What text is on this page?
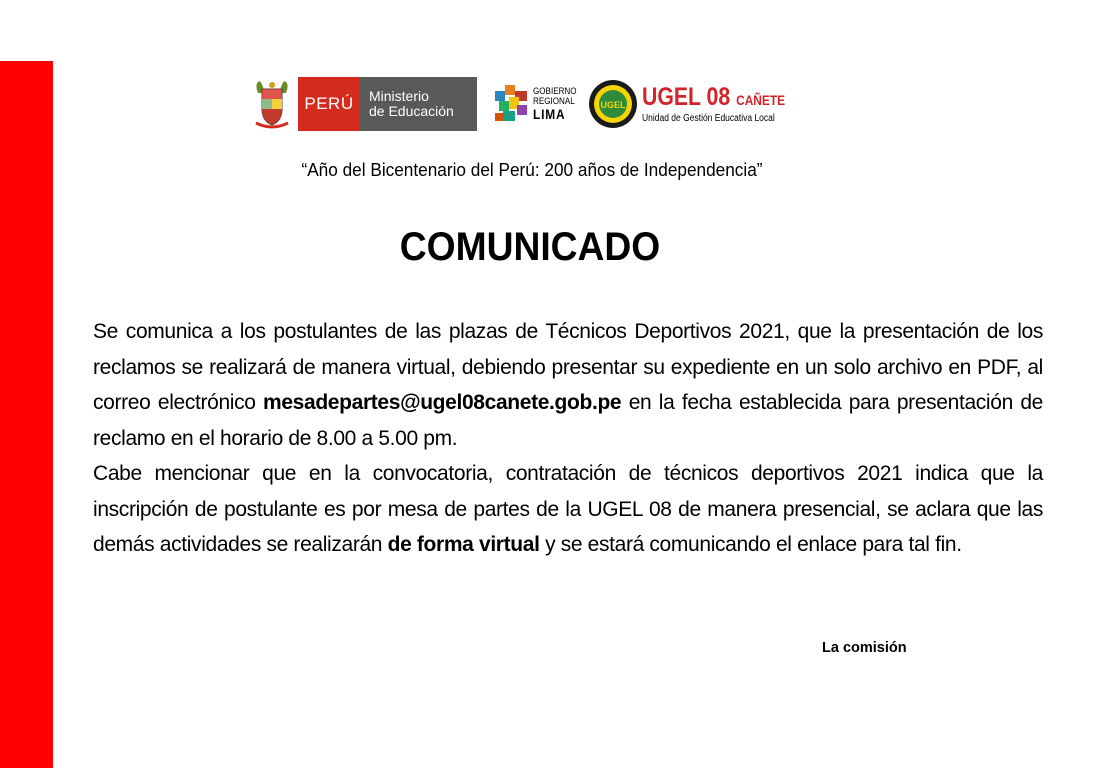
PERÚ	Ministerio
de Educación
GOBIERNO
REGIONAL
LIMA
UGEL UGEL 08 CAÑETE
Unidad de Gestión Educativa Local
“Año del Bicentenario del Perú: 200 años de Independencia”
COMUNICADO

Se comunica a los postulantes de las plazas de Técnicos Deportivos 2021, que la presentación de los reclamos se realizará de manera virtual, debiendo presentar su expediente en un solo archivo en PDF, al correo electrónico mesadepartes@ugel08canete.gob.pe en la fecha establecida para presentación de reclamo en el horario de 8.00 a 5.00 pm.

Cabe mencionar que en la convocatoria, contratación de técnicos deportivos 2021 indica que la inscripción de postulante es por mesa de partes de la UGEL 08 de manera presencial, se aclara que las demás actividades se realizarán de forma virtual y se estará comunicando el enlace para tal fin.

La comisión
